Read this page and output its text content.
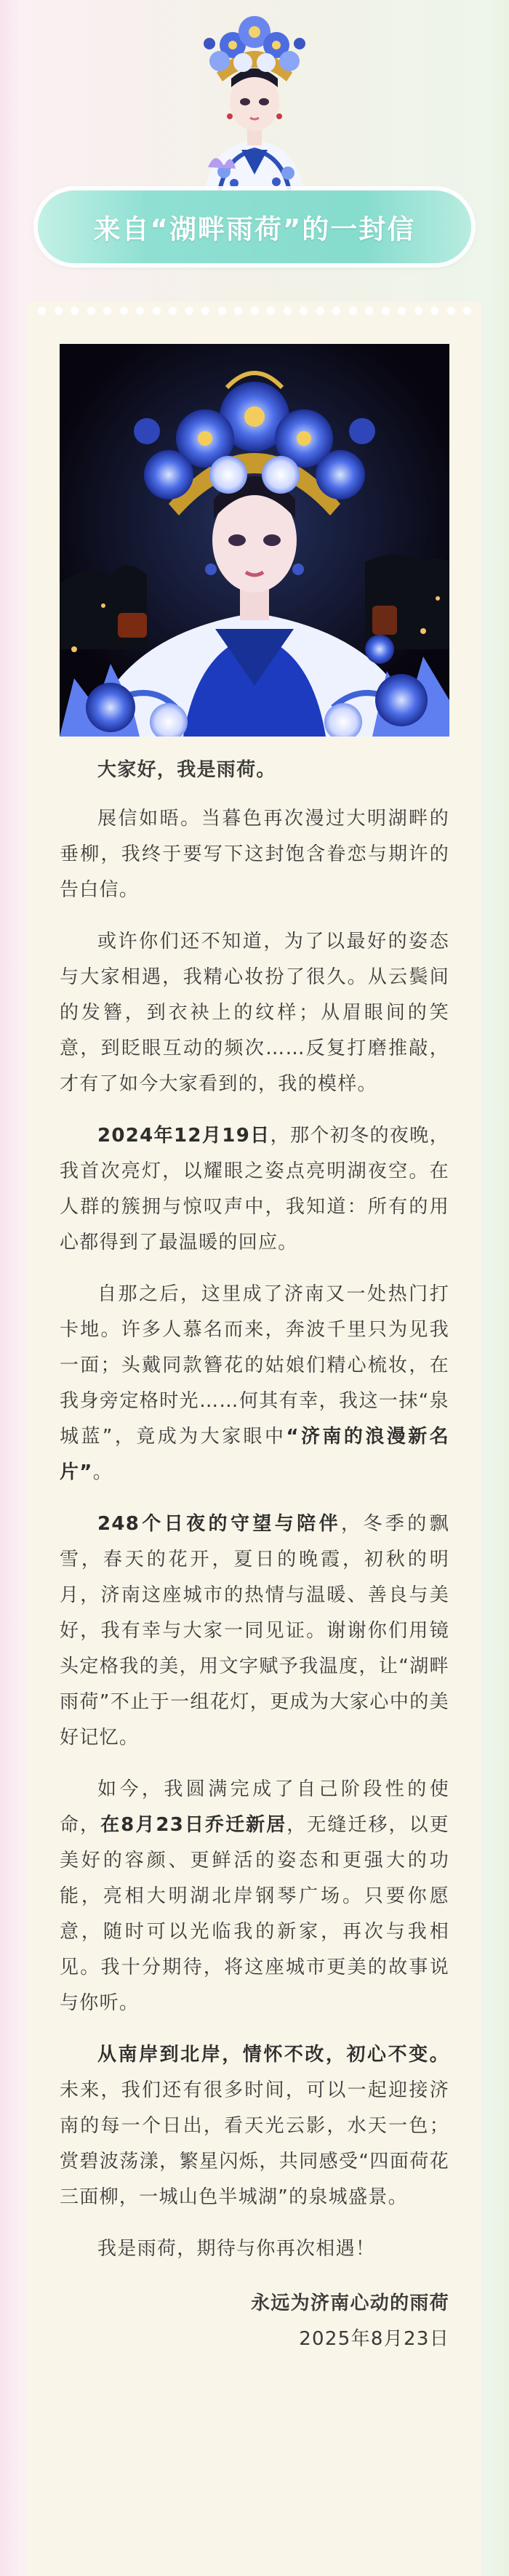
来自“湖畔雨荷”的一封信

大家好，我是雨荷。

展信如晤。当暮色再次漫过大明湖畔的垂柳，我终于要写下这封饱含眷恋与期许的告白信。

或许你们还不知道，为了以最好的姿态与大家相遇，我精心妆扮了很久。从云鬓间的发簪，到衣袂上的纹样；从眉眼间的笑意，到眨眼互动的频次……反复打磨推敲，才有了如今大家看到的，我的模样。

2024年12月19日，那个初冬的夜晚，我首次亮灯，以耀眼之姿点亮明湖夜空。在人群的簇拥与惊叹声中，我知道：所有的用心都得到了最温暖的回应。

自那之后，这里成了济南又一处热门打卡地。许多人慕名而来，奔波千里只为见我一面；头戴同款簪花的姑娘们精心梳妆，在我身旁定格时光……何其有幸，我这一抹“泉城蓝”，竟成为大家眼中“济南的浪漫新名片”。

248个日夜的守望与陪伴，冬季的飘雪，春天的花开，夏日的晚霞，初秋的明月，济南这座城市的热情与温暖、善良与美好，我有幸与大家一同见证。谢谢你们用镜头定格我的美，用文字赋予我温度，让“湖畔雨荷”不止于一组花灯，更成为大家心中的美好记忆。

如今，我圆满完成了自己阶段性的使命，在8月23日乔迁新居，无缝迁移，以更美好的容颜、更鲜活的姿态和更强大的功能，亮相大明湖北岸钢琴广场。只要你愿意，随时可以光临我的新家，再次与我相见。我十分期待，将这座城市更美的故事说与你听。

从南岸到北岸，情怀不改，初心不变。未来，我们还有很多时间，可以一起迎接济南的每一个日出，看天光云影，水天一色；赏碧波荡漾，繁星闪烁，共同感受“四面荷花三面柳，一城山色半城湖”的泉城盛景。

我是雨荷，期待与你再次相遇！

永远为济南心动的雨荷

2025年8月23日
